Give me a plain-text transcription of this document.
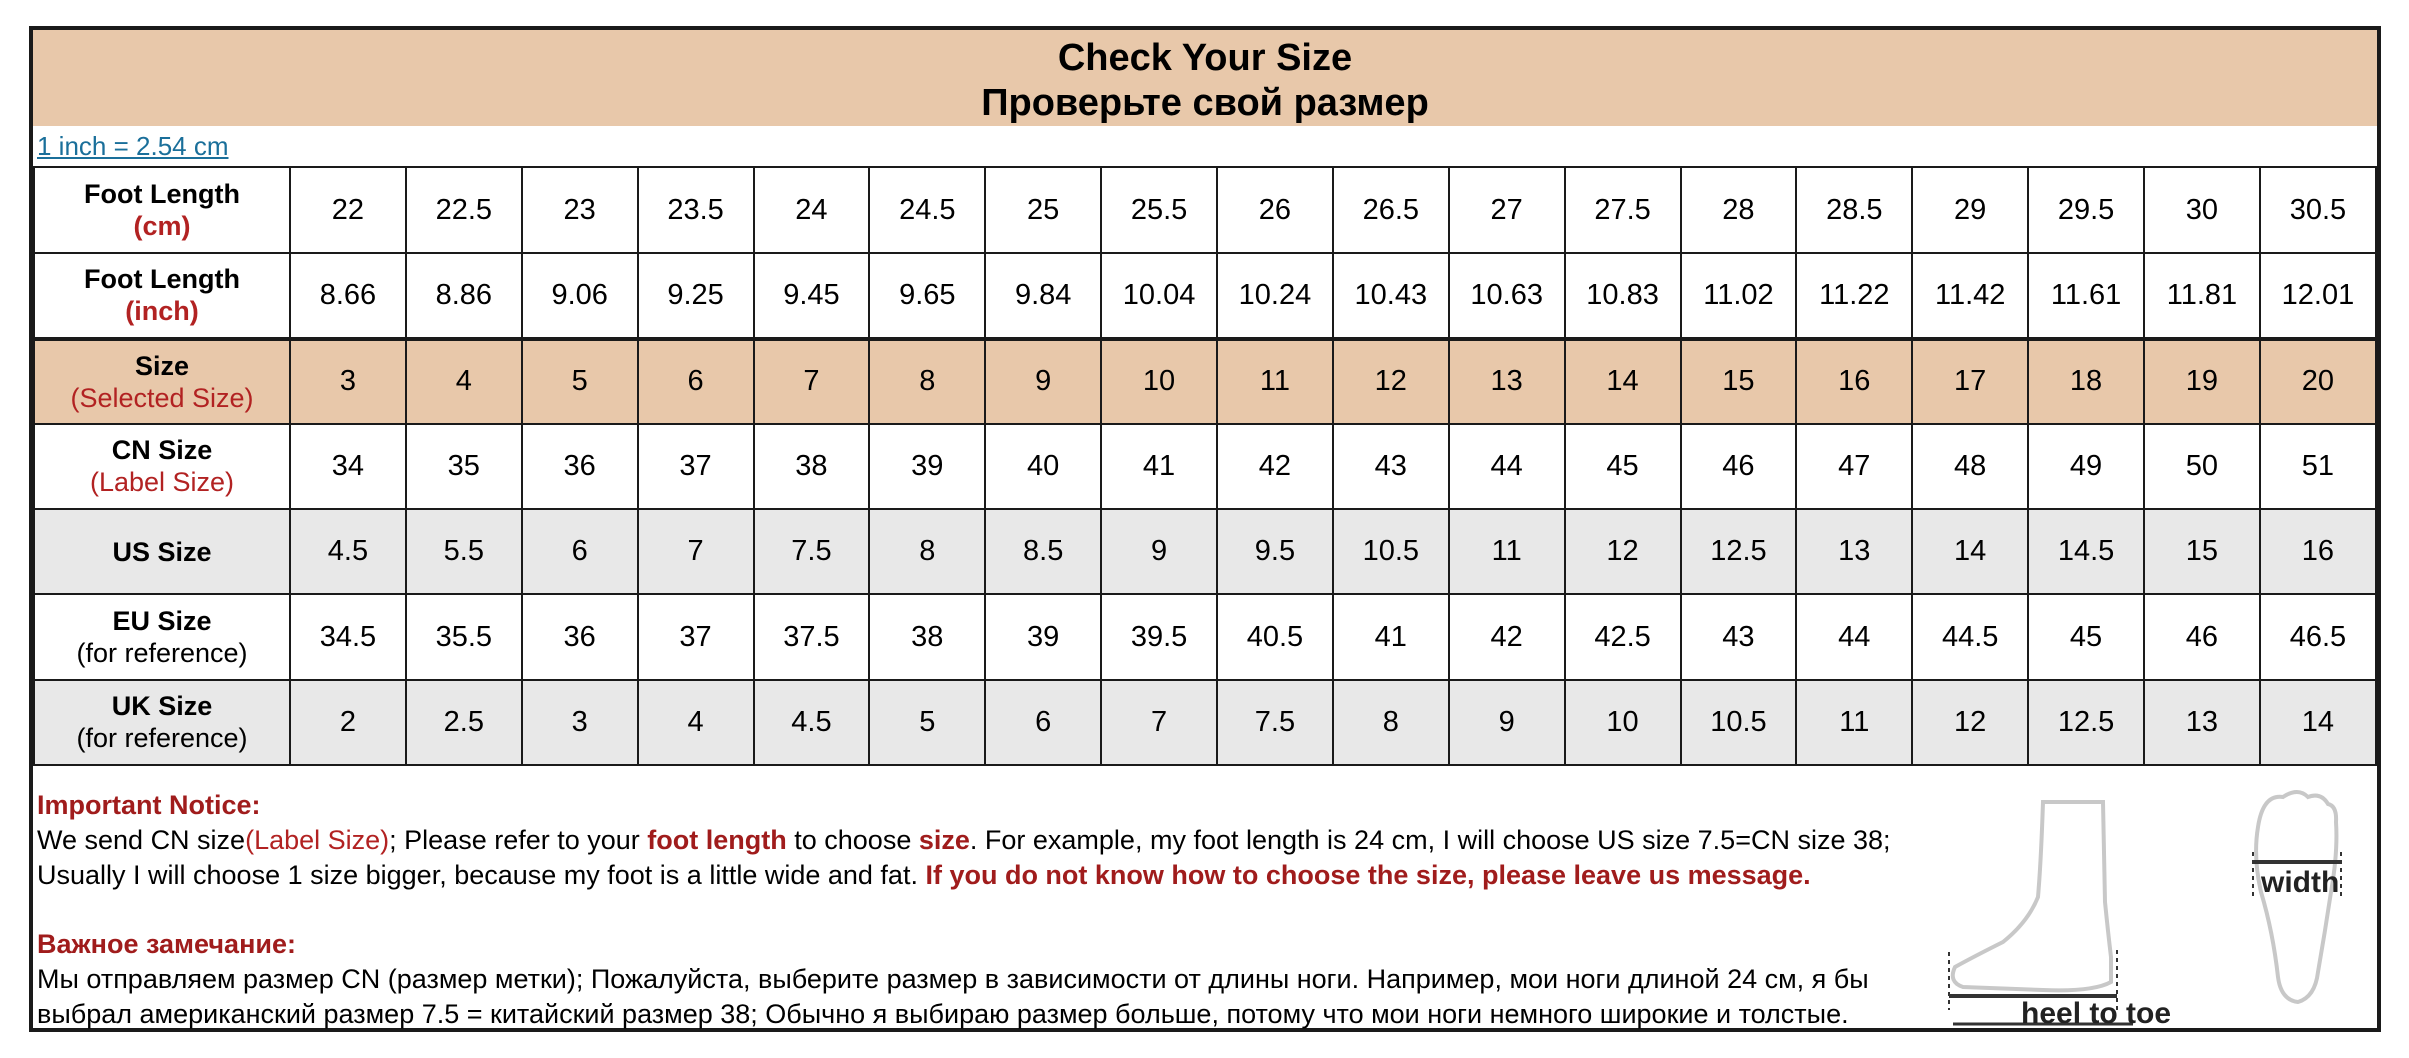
Check Your Size
Проверьте свой размер
1 inch = 2.54 cm
Foot Length
(cm)	22	22.5	23	23.5	24	24.5	25	25.5	26	26.5	27	27.5	28	28.5	29	29.5	30	30.5
Foot Length
(inch)	8.66	8.86	9.06	9.25	9.45	9.65	9.84	10.04	10.24	10.43	10.63	10.83	11.02	11.22	11.42	11.61	11.81	12.01
Size
(Selected Size)	3	4	5	6	7	8	9	10	11	12	13	14	15	16	17	18	19	20
CN Size
(Label Size)	34	35	36	37	38	39	40	41	42	43	44	45	46	47	48	49	50	51
US Size	4.5	5.5	6	7	7.5	8	8.5	9	9.5	10.5	11	12	12.5	13	14	14.5	15	16
EU Size
(for reference)	34.5	35.5	36	37	37.5	38	39	39.5	40.5	41	42	42.5	43	44	44.5	45	46	46.5
UK Size
(for reference)	2	2.5	3	4	4.5	5	6	7	7.5	8	9	10	10.5	11	12	12.5	13	14
Important Notice:
We send CN size(Label Size); Please refer to your foot length to choose size. For example, my foot length is 24 cm, I will choose US size 7.5=CN size 38; Usually I will choose 1 size bigger, because my foot is a little wide and fat. If you do not know how to choose the size, please leave us message.
Важное замечание:
Мы отправляем размер CN (размер метки); Пожалуйста, выберите размер в зависимости от длины ноги. Например, мои ноги длиной 24 см, я бы выбрал американский размер 7.5 = китайский размер 38; Обычно я выбираю размер больше, потому что мои ноги немного широкие и толстые.	heel to toe
width
